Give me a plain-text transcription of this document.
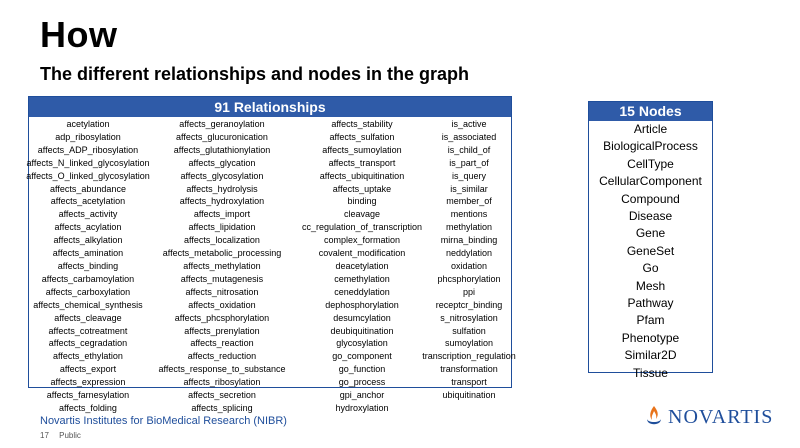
How
The different relationships and nodes in the graph
91 Relationships
acetylation
adp_ribosylation
affects_ADP_ribosylation
affects_N_linked_glycosylation
affects_O_linked_glycosylation
affects_abundance
affects_acetylation
affects_activity
affects_acylation
affects_alkylation
affects_amination
affects_binding
affects_carbamoylation
affects_carboxylation
affects_chemical_synthesis
affects_cleavage
affects_cotreatment
affects_cegradation
affects_ethylation
affects_export
affects_expression
affects_farnesylation
affects_folding
affects_geranoylation
affects_glucuronication
affects_glutathionylation
affects_glycation
affects_glycosylation
affects_hydrolysis
affects_hydroxylation
affects_import
affects_lipidation
affects_localization
affects_metabolic_processing
affects_methylation
affects_mutagenesis
affects_nitrosation
affects_oxidation
affects_phcsphorylation
affects_prenylation
affects_reaction
affects_reduction
affects_response_to_substance
affects_ribosylation
affects_secretion
affects_splicing
affects_stability
affects_sulfation
affects_sumoylation
affects_transport
affects_ubiquitination
affects_uptake
binding
cleavage
cc_regulation_of_transcription
complex_formation
covalent_modification
deacetylation
cemethylation
ceneddylation
dephosphorylation
desumcylation
deubiquitination
glycosylation
go_component
go_function
go_process
gpi_anchor
hydroxylation
is_active
is_associated
is_child_of
is_part_of
is_query
is_similar
member_of
mentions
methylation
mirna_binding
neddylation
oxidation
phcsphorylation
ppi
receptcr_binding
s_nitrosylation
sulfation
sumoylation
transcription_regulation
transformation
transport
ubiquitination
15 Nodes
Article
BiologicalProcess
CellType
CellularComponent
Compound
Disease
Gene
GeneSet
Go
Mesh
Pathway
Pfam
Phenotype
Similar2D
Tissue
Novartis Institutes for BioMedical Research (NIBR)
17 Public
NOVARTIS
